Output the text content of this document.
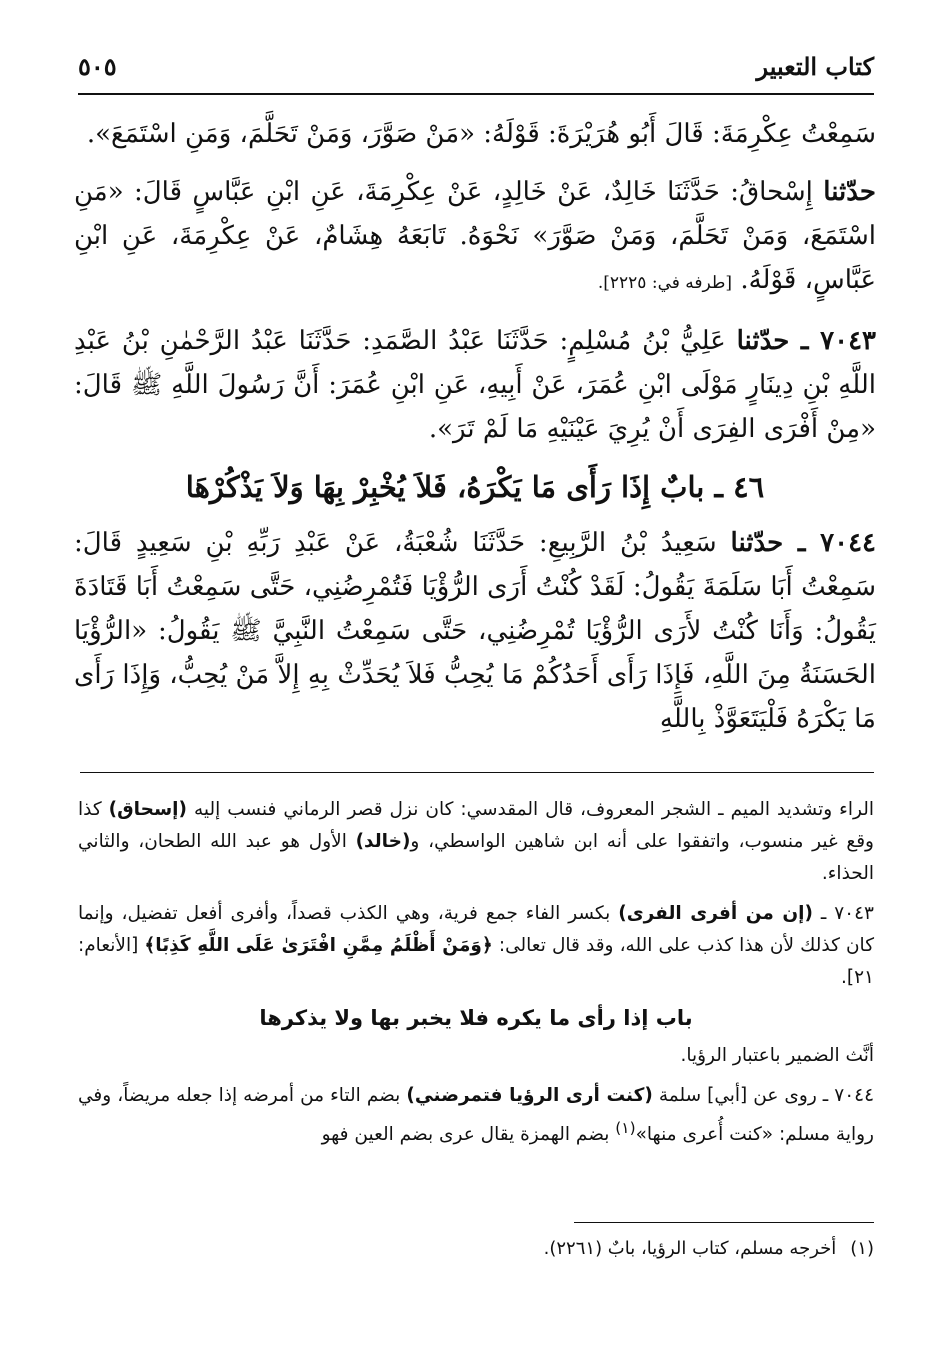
كتاب التعبير
٥٠٥

سَمِعْتُ عِكْرِمَةَ: قَالَ أَبُو هُرَيْرَةَ: قَوْلَهُ: «مَنْ صَوَّرَ، وَمَنْ تَحَلَّمَ، وَمَنِ اسْتَمَعَ».

حدّثنا إِسْحاقُ: حَدَّثَنَا خَالِدٌ، عَنْ خَالِدٍ، عَنْ عِكْرِمَةَ، عَنِ ابْنِ عَبَّاسٍ قَالَ: «مَنِ اسْتَمَعَ، وَمَنْ تَحَلَّمَ، وَمَنْ صَوَّرَ» نَحْوَهُ. تَابَعَهُ هِشَامٌ، عَنْ عِكْرِمَةَ، عَنِ ابْنِ عَبَّاسٍ، قَوْلَهُ. [طرفه في: ٢٢٢٥].

٧٠٤٣ ـ حدّثنا عَلِيُّ بْنُ مُسْلِمٍ: حَدَّثَنَا عَبْدُ الصَّمَدِ: حَدَّثَنَا عَبْدُ الرَّحْمٰنِ بْنُ عَبْدِ اللَّهِ بْنِ دِينَارٍ مَوْلَى ابْنِ عُمَرَ، عَنْ أَبِيهِ، عَنِ ابْنِ عُمَرَ: أَنَّ رَسُولَ اللَّهِ ﷺ قَالَ: «مِنْ أَفْرَى الفِرَى أَنْ يُرِيَ عَيْنَيْهِ مَا لَمْ تَرَ».

٤٦ ـ بابٌ إِذَا رَأَى مَا يَكْرَهُ، فَلاَ يُخْبِرْ بِهَا وَلاَ يَذْكُرْهَا

٧٠٤٤ ـ حدّثنا سَعِيدُ بْنُ الرَّبِيعِ: حَدَّثَنَا شُعْبَةُ، عَنْ عَبْدِ رَبِّهِ بْنِ سَعِيدٍ قَالَ: سَمِعْتُ أَبَا سَلَمَةَ يَقُولُ: لَقَدْ كُنْتُ أَرَى الرُّؤْيَا فَتُمْرِضُنِي، حَتَّى سَمِعْتُ أَبَا قَتَادَةَ يَقُولُ: وَأَنَا كُنْتُ لأَرَى الرُّؤْيَا تُمْرِضُنِي، حَتَّى سَمِعْتُ النَّبِيَّ ﷺ يَقُولُ: «الرُّؤْيَا الحَسَنَةُ مِنَ اللَّهِ، فَإِذَا رَأَى أَحَدُكُمْ مَا يُحِبُّ فَلاَ يُحَدِّثْ بِهِ إِلاَّ مَنْ يُحِبُّ، وَإِذَا رَأَى مَا يَكْرَهُ فَلْيَتَعَوَّذْ بِاللَّهِ

الراء وتشديد الميم ـ الشجر المعروف، قال المقدسي: كان نزل قصر الرماني فنسب إليه (إسحاق) كذا وقع غير منسوب، واتفقوا على أنه ابن شاهين الواسطي، و(خالد) الأول هو عبد الله الطحان، والثاني الحذاء.

٧٠٤٣ ـ (إن من أفرى الفرى) بكسر الفاء جمع فرية، وهي الكذب قصداً، وأفرى أفعل تفضيل، وإنما كان كذلك لأن هذا كذب على الله، وقد قال تعالى: ﴿وَمَنْ أَظْلَمُ مِمَّنِ افْتَرَىٰ عَلَى اللَّهِ كَذِبًا﴾ [الأنعام: ٢١].

باب إذا رأى ما يكره فلا يخبر بها ولا يذكرها

أنَّث الضمير باعتبار الرؤيا.

٧٠٤٤ ـ روى عن [أبي] سلمة (كنت أرى الرؤيا فتمرضني) بضم التاء من أمرضه إذا جعله مريضاً، وفي رواية مسلم: «كنت أُعرى منها»$^{(١)}$ بضم الهمزة يقال عرى بضم العين فهو

(١)أخرجه مسلم، كتاب الرؤيا، بابٌ (٢٢٦١).
